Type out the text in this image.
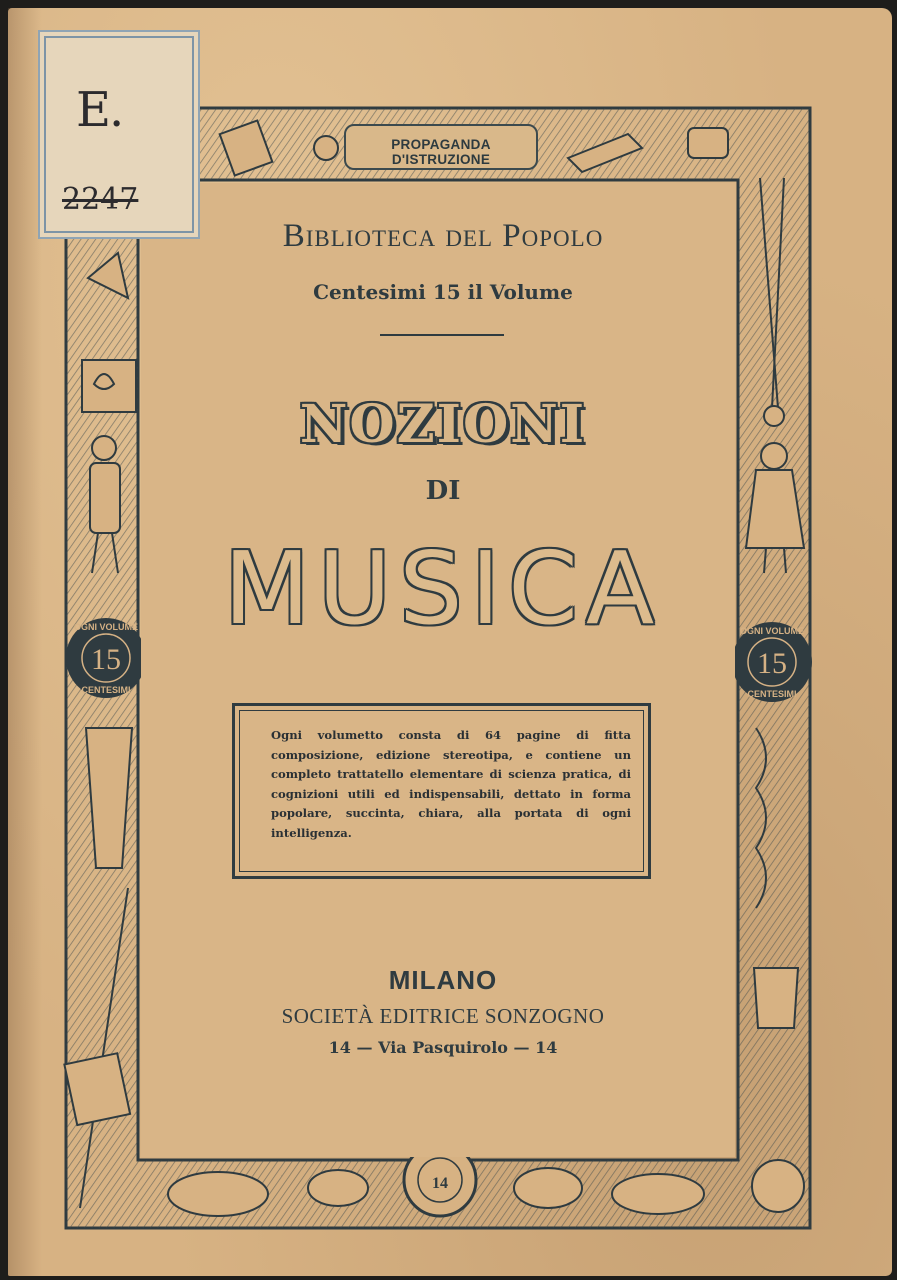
OGNI VOLUME
15
CENTESIMI
OGNI VOLUME
15
CENTESIMI
14
PROPAGANDA D'ISTRUZIONE
E.
2247
Biblioteca del Popolo
Centesimi 15 il Volume
NOZIONI
DI
MUSICA
Ogni volumetto consta di 64 pagine di fitta composizione, edizione stereotipa, e contiene un completo trattatello elementare di scienza pratica, di cognizioni utili ed indispensabili, dettato in forma popolare, succinta, chiara, alla portata di ogni intelligenza.
MILANO
SOCIETÀ EDITRICE SONZOGNO
14 — Via Pasquirolo — 14
